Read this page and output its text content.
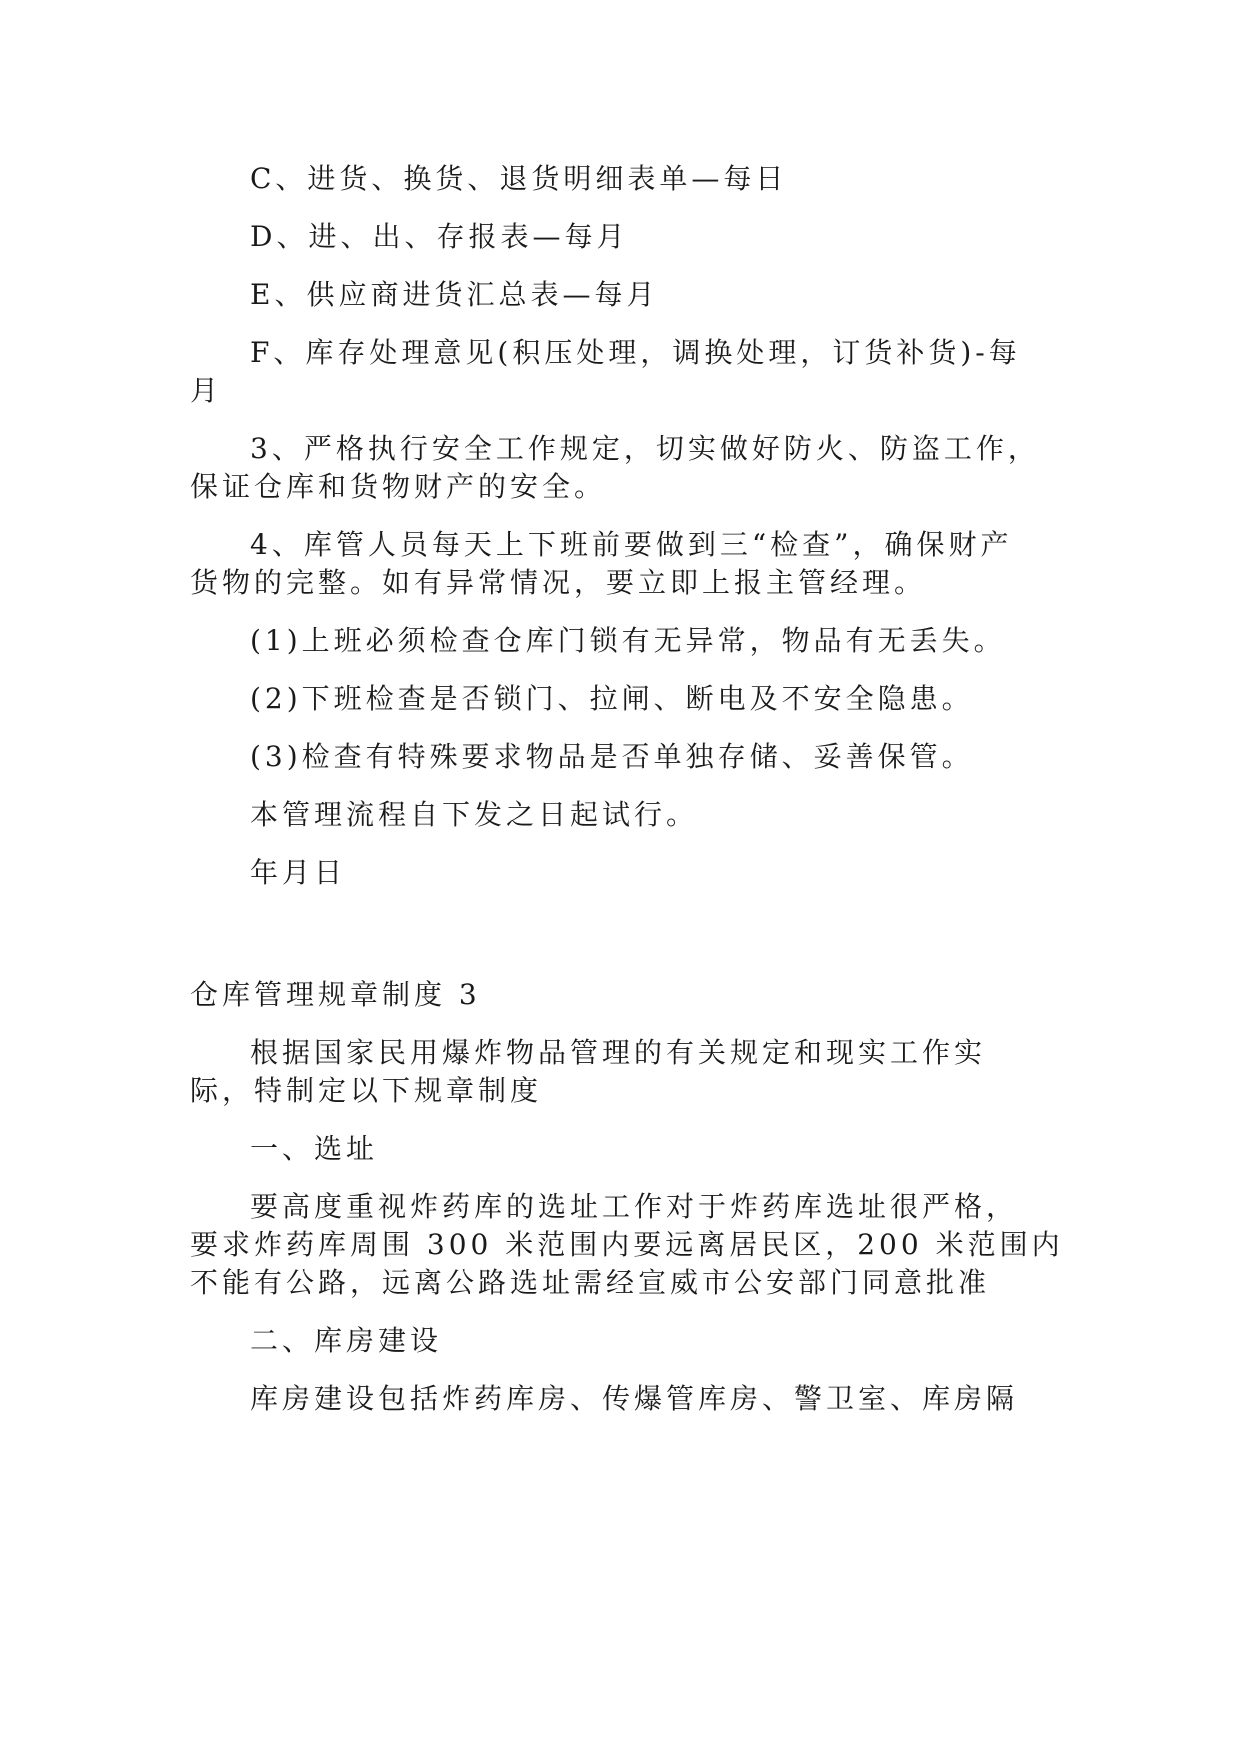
C、进货、换货、退货明细表单—每日

D、进、出、存报表—每月

E、供应商进货汇总表—每月

F、库存处理意见(积压处理，调换处理，订货补货)-每

月

3、严格执行安全工作规定，切实做好防火、防盗工作，

保证仓库和货物财产的安全。

4、库管人员每天上下班前要做到三“检查”，确保财产

货物的完整。如有异常情况，要立即上报主管经理。

(1)上班必须检查仓库门锁有无异常，物品有无丢失。

(2)下班检查是否锁门、拉闸、断电及不安全隐患。

(3)检查有特殊要求物品是否单独存储、妥善保管。

本管理流程自下发之日起试行。

年月日

仓库管理规章制度 3

根据国家民用爆炸物品管理的有关规定和现实工作实

际，特制定以下规章制度

一、选址

要高度重视炸药库的选址工作对于炸药库选址很严格，

要求炸药库周围 300 米范围内要远离居民区，200 米范围内

不能有公路，远离公路选址需经宣威市公安部门同意批准

二、库房建设

库房建设包括炸药库房、传爆管库房、警卫室、库房隔
